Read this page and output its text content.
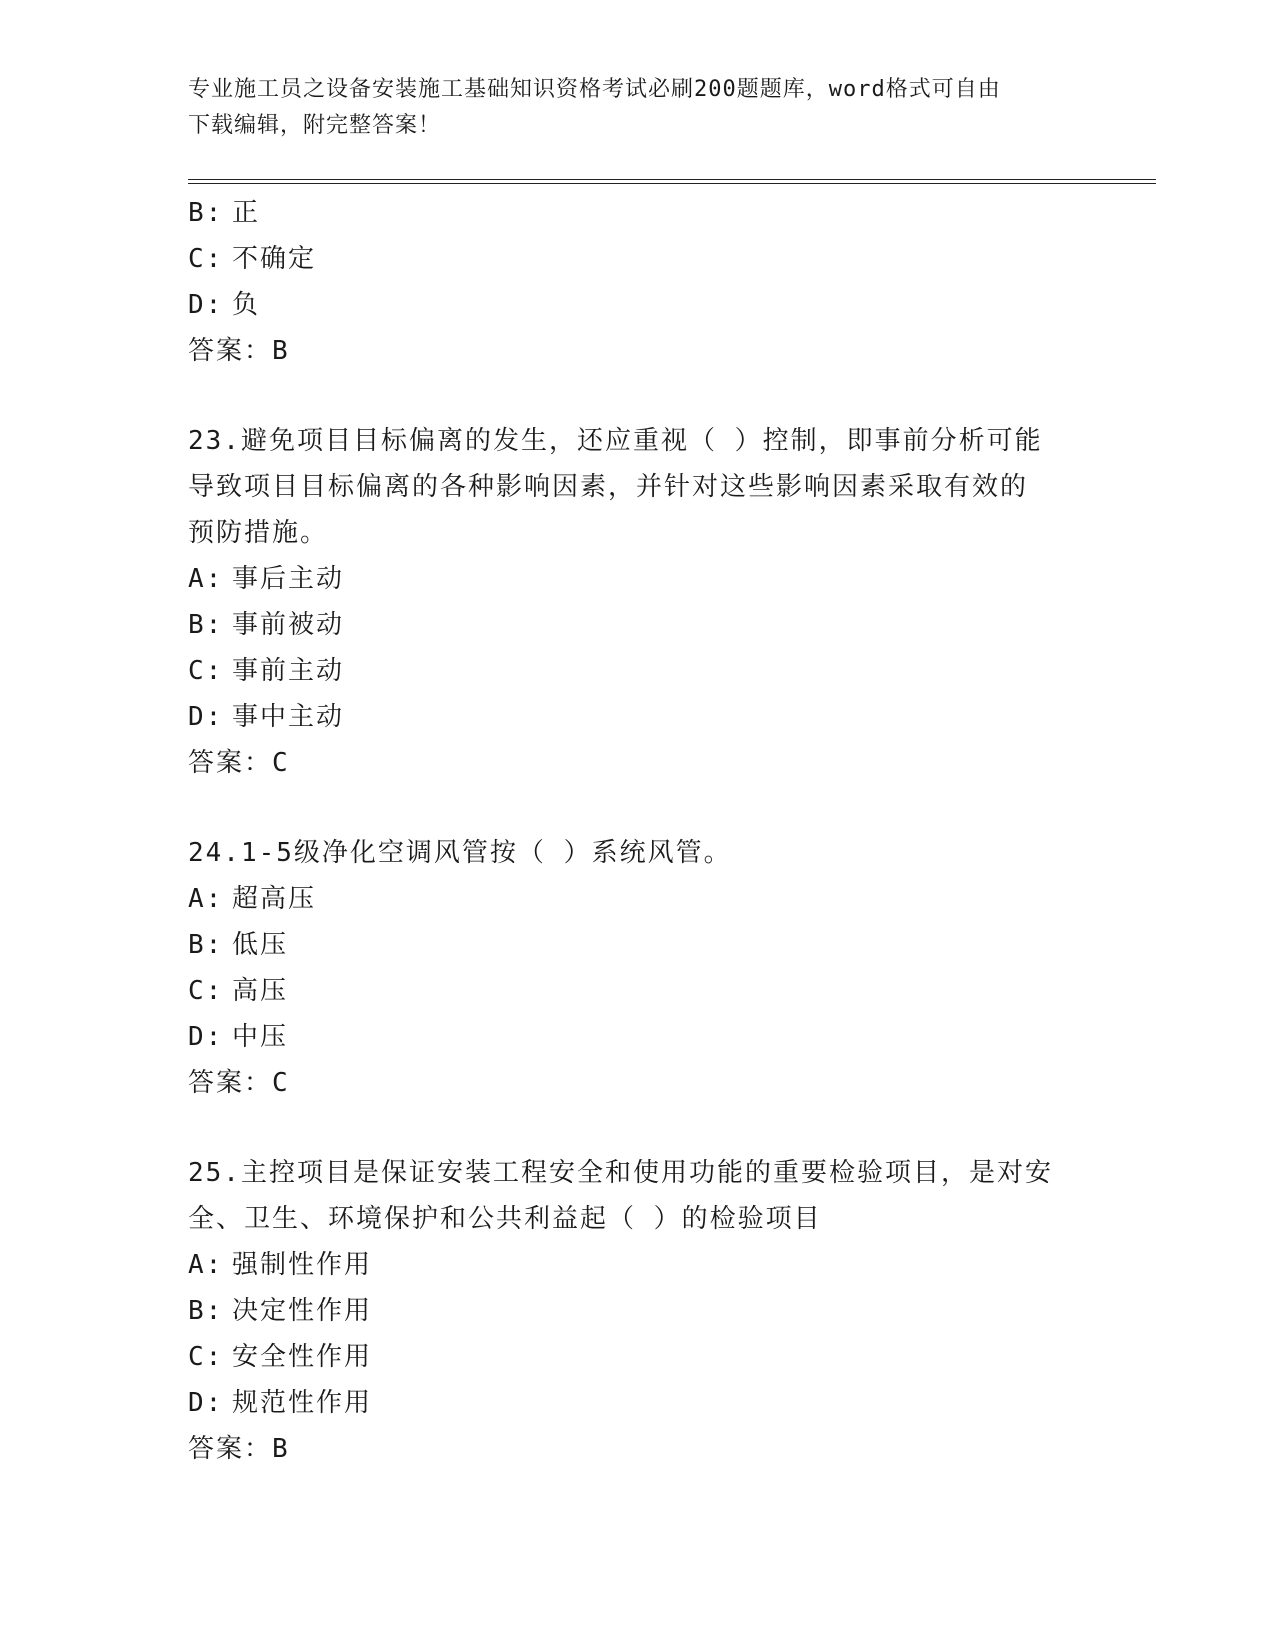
专业施工员之设备安装施工基础知识资格考试必刷200题题库，word格式可自由
下载编辑，附完整答案！
B: 正
C: 不确定
D: 负
答案：B
23.避免项目目标偏离的发生，还应重视（ ）控制，即事前分析可能
导致项目目标偏离的各种影响因素，并针对这些影响因素采取有效的
预防措施。
A: 事后主动
B: 事前被动
C: 事前主动
D: 事中主动
答案：C
24.1-5级净化空调风管按（ ）系统风管。
A: 超高压
B: 低压
C: 高压
D: 中压
答案：C
25.主控项目是保证安装工程安全和使用功能的重要检验项目，是对安
全、卫生、环境保护和公共利益起（ ）的检验项目
A: 强制性作用
B: 决定性作用
C: 安全性作用
D: 规范性作用
答案：B
